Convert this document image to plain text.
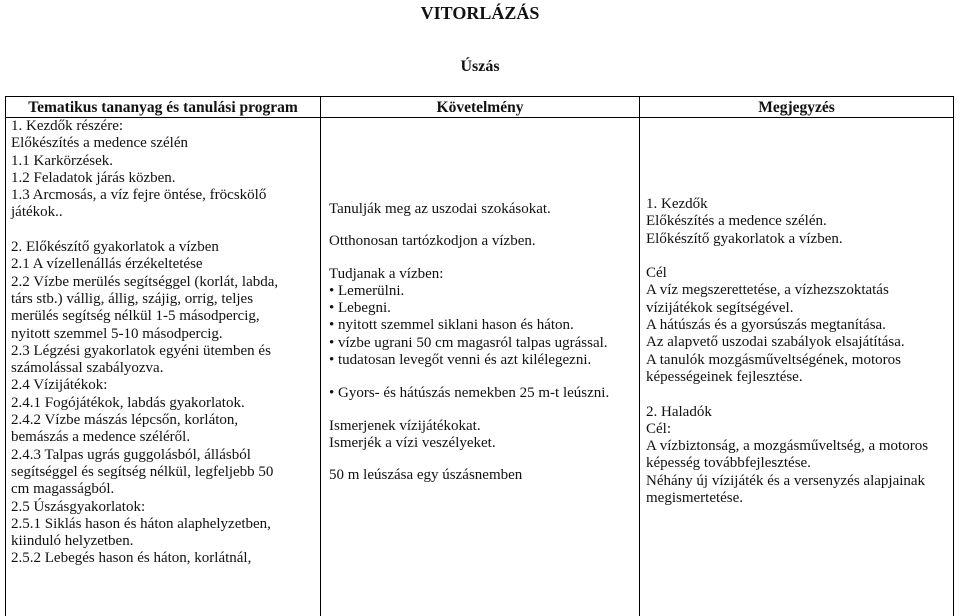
VITORLÁZÁS
Úszás
Tematikus tananyag és tanulási program	Követelmény	Megjegyzés
1. Kezdők részére:
Előkészítés a medence szélén
1.1 Karkörzések.
1.2 Feladatok járás közben.
1.3 Arcmosás, a víz fejre öntése, fröcskölő
játékok..
2. Előkészítő gyakorlatok a vízben
2.1 A vízellenállás érzékeltetése
2.2 Vízbe merülés segítséggel (korlát, labda,
társ stb.) vállig, állig, szájig, orrig, teljes
merülés segítség nélkül 1-5 másodpercig,
nyitott szemmel 5-10 másodpercig.
2.3 Légzési gyakorlatok egyéni ütemben és
számolással szabályozva.
2.4 Vízijátékok:
2.4.1 Fogójátékok, labdás gyakorlatok.
2.4.2 Vízbe mászás lépcsőn, korláton,
bemászás a medence széléről.
2.4.3 Talpas ugrás guggolásból, állásból
segítséggel és segítség nélkül, legfeljebb 50
cm magasságból.
2.5 Úszásgyakorlatok:
2.5.1 Siklás hason és háton alaphelyzetben,
kiinduló helyzetben.
2.5.2 Lebegés hason és háton, korlátnál,
Tanulják meg az uszodai szokásokat.
Otthonosan tartózkodjon a vízben.
Tudjanak a vízben:
• Lemerülni.
• Lebegni.
• nyitott szemmel siklani hason és háton.
• vízbe ugrani 50 cm magasról talpas ugrással.
• tudatosan levegőt venni és azt kilélegezni.
• Gyors- és hátúszás nemekben 25 m-t leúszni.
Ismerjenek vízijátékokat.
Ismerjék a vízi veszélyeket.
50 m leúszása egy úszásnemben
1. Kezdők
Előkészítés a medence szélén.
Előkészítő gyakorlatok a vízben.
Cél
A víz megszerettetése, a vízhezszoktatás
vízijátékok segítségével.
A hátúszás és a gyorsúszás megtanítása.
Az alapvető uszodai szabályok elsajátítása.
A tanulók mozgásműveltségének, motoros
képességeinek fejlesztése.
2. Haladók
Cél:
A vízbiztonság, a mozgásműveltség, a motoros
képesség továbbfejlesztése.
Néhány új vízijáték és a versenyzés alapjainak
megismertetése.
